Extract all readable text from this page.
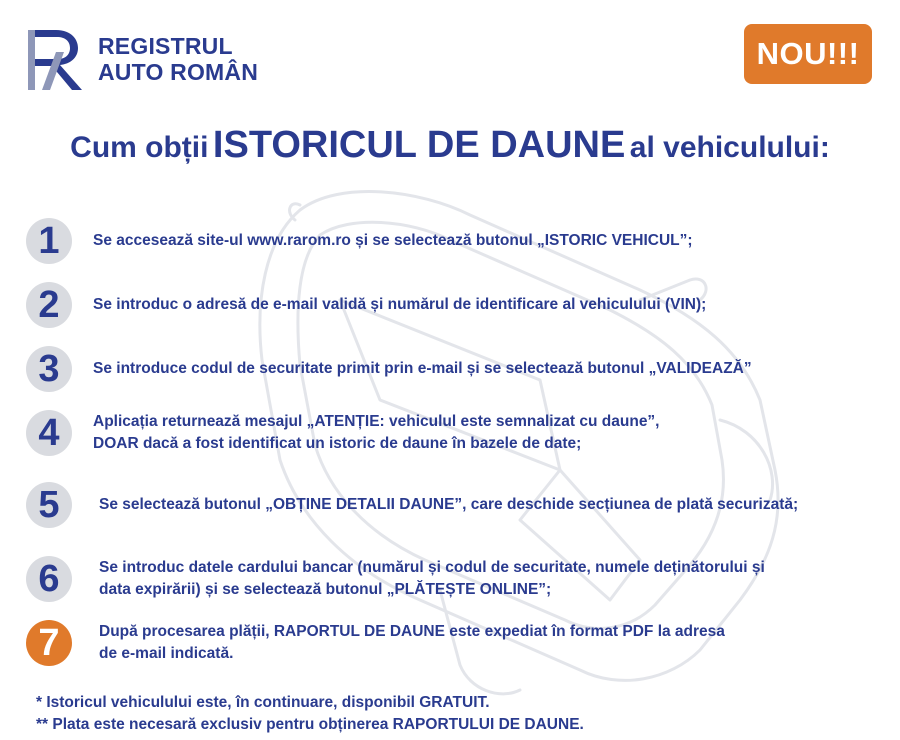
REGISTRUL
AUTO ROMÂN
NOU!!!
Cum obții ISTORICUL DE DAUNE al vehiculului:
1	Se accesează site-ul www.rarom.ro și se selectează butonul „ISTORIC VEHICUL”;
2	Se introduc o adresă de e-mail validă și numărul de identificare al vehiculului (VIN);
3	Se introduce codul de securitate primit prin e-mail și se selectează butonul „VALIDEAZĂ”
4	Aplicația returnează mesajul „ATENȚIE: vehiculul este semnalizat cu daune”,
DOAR dacă a fost identificat un istoric de daune în bazele de date;
5	Se selectează butonul „OBȚINE DETALII DAUNE”, care deschide secțiunea de plată securizată;
6	Se introduc datele cardului bancar (numărul și codul de securitate, numele deținătorului și
data expirării) și se selectează butonul „PLĂTEȘTE ONLINE”;
7	După procesarea plății, RAPORTUL DE DAUNE este expediat în format PDF la adresa
de e-mail indicată.
* Istoricul vehiculului este, în continuare, disponibil GRATUIT.
** Plata este necesară exclusiv pentru obținerea RAPORTULUI DE DAUNE.
